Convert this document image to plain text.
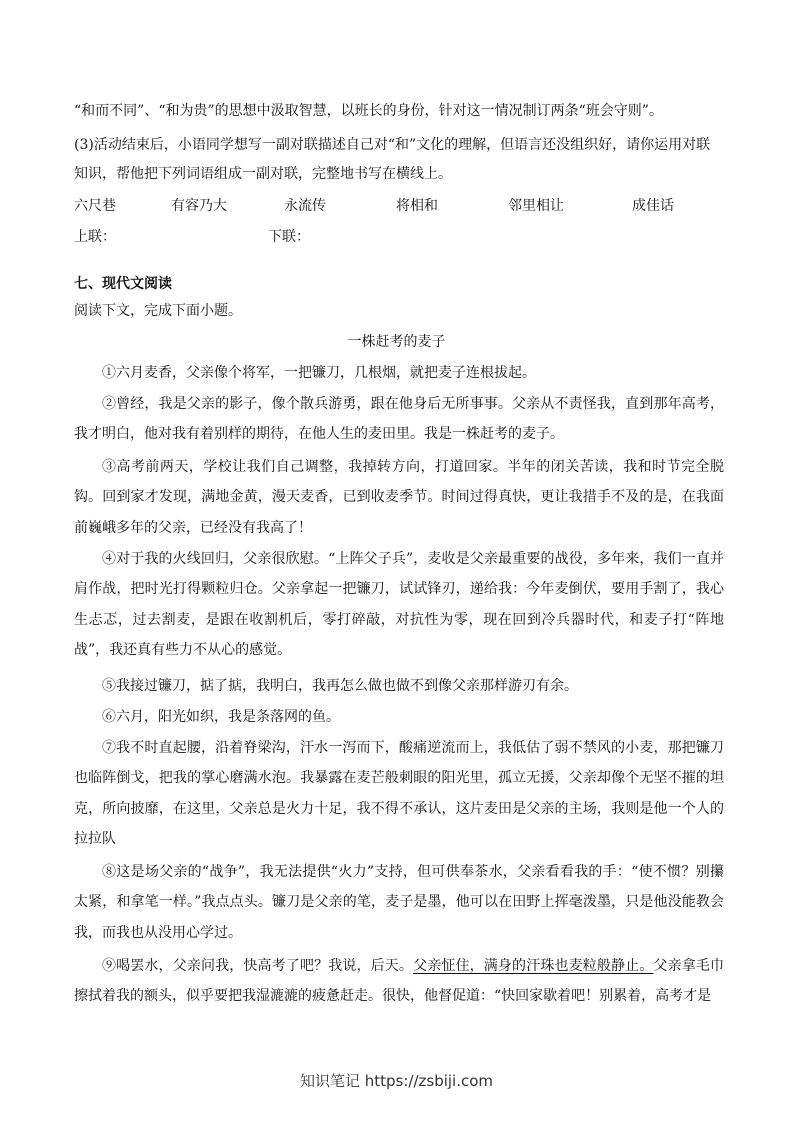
“和而不同”、“和为贵”的思想中汲取智慧，以班长的身份，针对这一情况制订两条“班会守则”。
(3)活动结束后，小语同学想写一副对联描述自己对“和”文化的理解，但语言还没组织好，请你运用对联
知识，帮他把下列词语组成一副对联，完整地书写在横线上。
六尺巷	有容乃大	永流传	将相和	邻里相让	成佳话
上联：	下联：
七、现代文阅读
阅读下文，完成下面小题。
一株赶考的麦子
①六月麦香，父亲像个将军，一把镰刀，几根烟，就把麦子连根拔起。
②曾经，我是父亲的影子，像个散兵游勇，跟在他身后无所事事。父亲从不责怪我，直到那年高考，我才明白，他对我有着别样的期待，在他人生的麦田里。我是一株赶考的麦子。
③高考前两天，学校让我们自己调整，我掉转方向，打道回家。半年的闭关苦读，我和时节完全脱钩。回到家才发现，满地金黄，漫天麦香，已到收麦季节。时间过得真快，更让我措手不及的是，在我面前巍峨多年的父亲，已经没有我高了！
④对于我的火线回归，父亲很欣慰。“上阵父子兵”，麦收是父亲最重要的战役，多年来，我们一直并肩作战，把时光打得颗粒归仓。父亲拿起一把镰刀，试试锋刃，递给我：今年麦倒伏，要用手割了，我心生忐忑，过去割麦，是跟在收割机后，零打碎敲，对抗性为零，现在回到冷兵器时代，和麦子打“阵地战”，我还真有些力不从心的感觉。
⑤我接过镰刀，掂了掂，我明白，我再怎么做也做不到像父亲那样游刃有余。
⑥六月，阳光如织，我是条落网的鱼。
⑦我不时直起腰，沿着脊梁沟，汗水一泻而下，酸痛逆流而上，我低估了弱不禁风的小麦，那把镰刀也临阵倒戈，把我的掌心磨满水泡。我暴露在麦芒般刺眼的阳光里，孤立无援，父亲却像个无坚不摧的坦克，所向披靡，在这里，父亲总是火力十足，我不得不承认，这片麦田是父亲的主场，我则是他一个人的拉拉队
⑧这是场父亲的“战争”，我无法提供“火力”支持，但可供奉茶水，父亲看看我的手：“使不惯？别攥太紧，和拿笔一样。”我点点头。镰刀是父亲的笔，麦子是墨，他可以在田野上挥毫泼墨，只是他没能教会我，而我也从没用心学过。
⑨喝罢水，父亲问我，快高考了吧？我说，后天。父亲怔住，满身的汗珠也麦粒般静止。父亲拿毛巾擦拭着我的额头，似乎要把我湿漉漉的疲惫赶走。很快，他督促道：“快回家歇着吧！别累着，高考才是
知识笔记 https://zsbiji.com
